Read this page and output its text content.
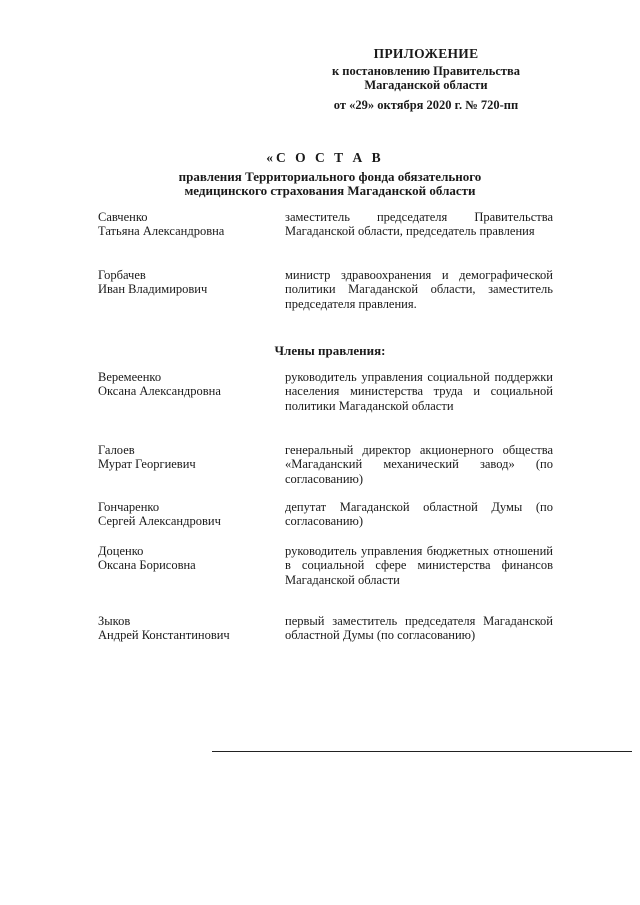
ПРИЛОЖЕНИЕ
к постановлению Правительства
Магаданской области
от «29» октября 2020 г. № 720-пп
«С О С Т А В
правления Территориального фонда обязательного
медицинского страхования Магаданской области
Савченко
Татьяна Александровна
заместитель председателя Правительства Магаданской области, председатель правления
Горбачев
Иван Владимирович
министр здравоохранения и демографической политики Магаданской области, заместитель председателя правления.
Члены правления:
Веремеенко
Оксана Александровна
руководитель управления социальной поддержки населения министерства труда и социальной политики Магаданской области
Галоев
Мурат Георгиевич
генеральный директор акционерного общества «Магаданский механический завод» (по согласованию)
Гончаренко
Сергей Александрович
депутат Магаданской областной Думы (по согласованию)
Доценко
Оксана Борисовна
руководитель управления бюджетных отношений в социальной сфере министерства финансов Магаданской области
Зыков
Андрей Константинович
первый заместитель председателя Магаданской областной Думы (по согласованию)
